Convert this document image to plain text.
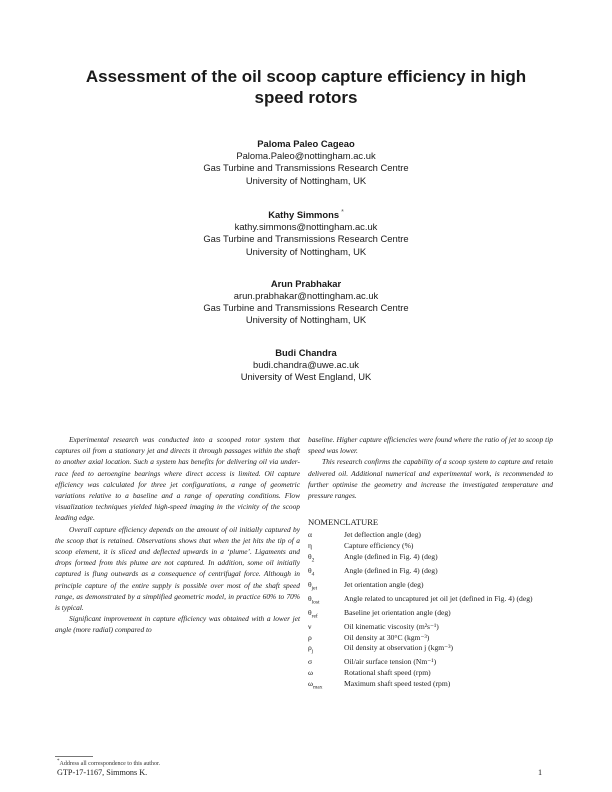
Assessment of the oil scoop capture efficiency in high speed rotors
Paloma Paleo Cageao
Paloma.Paleo@nottingham.ac.uk
Gas Turbine and Transmissions Research Centre
University of Nottingham, UK
Kathy Simmons *
kathy.simmons@nottingham.ac.uk
Gas Turbine and Transmissions Research Centre
University of Nottingham, UK
Arun Prabhakar
arun.prabhakar@nottingham.ac.uk
Gas Turbine and Transmissions Research Centre
University of Nottingham, UK
Budi Chandra
budi.chandra@uwe.ac.uk
University of West England, UK

Experimental research was conducted into a scooped rotor system that captures oil from a stationary jet and directs it through passages within the shaft to another axial location. Such a system has benefits for delivering oil via under-race feed to aeroengine bearings where direct access is limited. Oil capture efficiency was calculated for three jet configurations, a range of geometric variations relative to a baseline and a range of operating conditions. Flow visualization techniques yielded high-speed imaging in the vicinity of the scoop leading edge.

Overall capture efficiency depends on the amount of oil initially captured by the scoop that is retained. Observations shows that when the jet hits the tip of a scoop element, it is sliced and deflected upwards in a ‘plume’. Ligaments and drops formed from this plume are not captured. In addition, some oil initially captured is flung outwards as a consequence of centrifugal force. Although in principle capture of the entire supply is possible over most of the shaft speed range, as demonstrated by a simplified geometric model, in practice 60% to 70% is typical.

Significant improvement in capture efficiency was obtained with a lower jet angle (more radial) compared to

baseline. Higher capture efficiencies were found where the ratio of jet to scoop tip speed was lower.

This research confirms the capability of a scoop system to capture and retain delivered oil. Additional numerical and experimental work, is recommended to further optimise the geometry and increase the investigated temperature and pressure ranges.

NOMENCLATURE
α	Jet deflection angle (deg)
η	Capture efficiency (%)
$\theta_2$	Angle (defined in Fig. 4) (deg)
$\theta_4$	Angle (defined in Fig. 4) (deg)
$\theta_{jet}$	Jet orientation angle (deg)
$\theta_{lost}$	Angle related to uncaptured jet oil jet (defined in Fig. 4) (deg)
$\theta_{ref}$	Baseline jet orientation angle (deg)
ν	Oil kinematic viscosity (m²s⁻¹)
ρ	Oil density at 30°C (kgm⁻³)
$\rho_j$	Oil density at observation j (kgm⁻³)
σ	Oil/air surface tension (Nm⁻¹)
ω	Rotational shaft speed (rpm)
$\omega_{max}$	Maximum shaft speed tested (rpm)
*Address all correspondence to this author.
GTP-17-1167, Simmons K.	1
